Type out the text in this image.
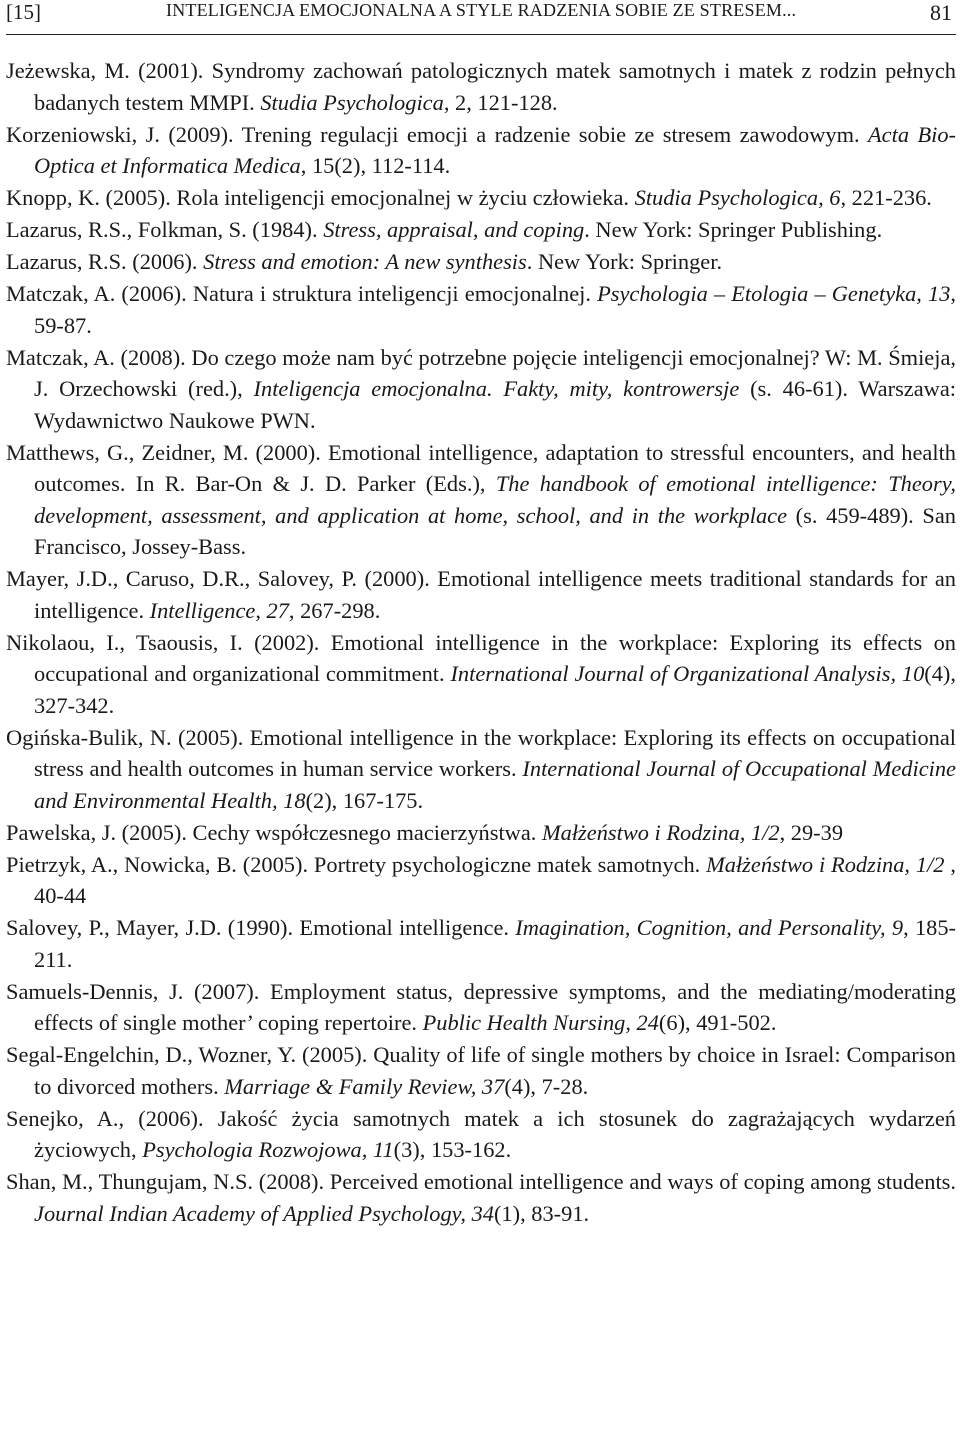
[15]	INTELIGENCJA EMOCJONALNA A STYLE RADZENIA SOBIE ZE STRESEM...	81
Jeżewska, M. (2001). Syndromy zachowań patologicznych matek samotnych i matek z rodzin pełnych badanych testem MMPI. Studia Psychologica, 2, 121-128.
Korzeniowski, J. (2009). Trening regulacji emocji a radzenie sobie ze stresem zawodowym. Acta Bio-Optica et Informatica Medica, 15(2), 112-114.
Knopp, K. (2005). Rola inteligencji emocjonalnej w życiu człowieka. Studia Psychologica, 6, 221-236.
Lazarus, R.S., Folkman, S. (1984). Stress, appraisal, and coping. New York: Springer Publishing.
Lazarus, R.S. (2006). Stress and emotion: A new synthesis. New York: Springer.
Matczak, A. (2006). Natura i struktura inteligencji emocjonalnej. Psychologia – Etologia – Genetyka, 13, 59-87.
Matczak, A. (2008). Do czego może nam być potrzebne pojęcie inteligencji emocjonalnej? W: M. Śmieja, J. Orzechowski (red.), Inteligencja emocjonalna. Fakty, mity, kontrowersje (s. 46-61). Warszawa: Wydawnictwo Naukowe PWN.
Matthews, G., Zeidner, M. (2000). Emotional intelligence, adaptation to stressful encounters, and health outcomes. In R. Bar-On & J. D. Parker (Eds.), The handbook of emotional intelligence: Theory, development, assessment, and application at home, school, and in the workplace (s. 459-489). San Francisco, Jossey-Bass.
Mayer, J.D., Caruso, D.R., Salovey, P. (2000). Emotional intelligence meets traditional standards for an intelligence. Intelligence, 27, 267-298.
Nikolaou, I., Tsaousis, I. (2002). Emotional intelligence in the workplace: Exploring its effects on occupational and organizational commitment. International Journal of Organizational Analysis, 10(4), 327-342.
Ogińska-Bulik, N. (2005). Emotional intelligence in the workplace: Exploring its effects on occupational stress and health outcomes in human service workers. International Journal of Occupational Medicine and Environmental Health, 18(2), 167-175.
Pawelska, J. (2005). Cechy współczesnego macierzyństwa. Małżeństwo i Rodzina, 1/2, 29-39
Pietrzyk, A., Nowicka, B. (2005). Portrety psychologiczne matek samotnych. Małżeństwo i Rodzina, 1/2 , 40-44
Salovey, P., Mayer, J.D. (1990). Emotional intelligence. Imagination, Cognition, and Personality, 9, 185-211.
Samuels-Dennis, J. (2007). Employment status, depressive symptoms, and the mediating/moderating effects of single mother’ coping repertoire. Public Health Nursing, 24(6), 491-502.
Segal-Engelchin, D., Wozner, Y. (2005). Quality of life of single mothers by choice in Israel: Comparison to divorced mothers. Marriage & Family Review, 37(4), 7-28.
Senejko, A., (2006). Jakość życia samotnych matek a ich stosunek do zagrażających wydarzeń życiowych, Psychologia Rozwojowa, 11(3), 153-162.
Shan, M., Thungujam, N.S. (2008). Perceived emotional intelligence and ways of coping among students. Journal Indian Academy of Applied Psychology, 34(1), 83-91.
